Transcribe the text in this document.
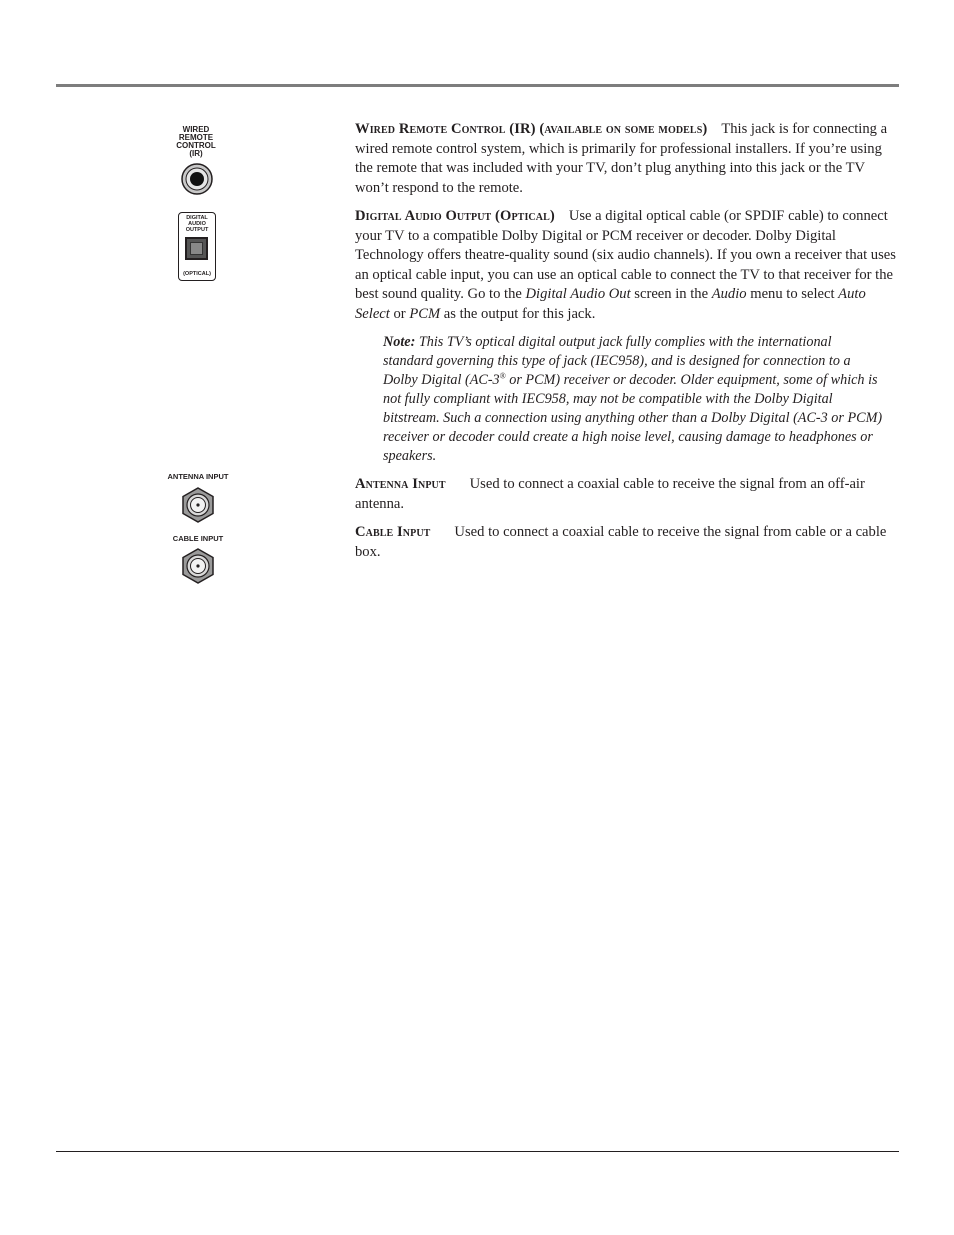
WIRED
REMOTE
CONTROL
(IR)
DIGITAL
AUDIO
OUTPUT
(OPTICAL)
ANTENNA INPUT
CABLE INPUT

Wired Remote Control (IR) (available on some models) This jack is for connecting a wired remote control system, which is primarily for professional installers. If you’re using the remote that was included with your TV, don’t plug anything into this jack or the TV won’t respond to the remote.

Digital Audio Output (Optical) Use a digital optical cable (or SPDIF cable) to connect your TV to a compatible Dolby Digital or PCM receiver or decoder. Dolby Digital Technology offers theatre-quality sound (six audio channels). If you own a receiver that uses an optical cable input, you can use an optical cable to connect the TV to that receiver for the best sound quality. Go to the Digital Audio Out screen in the Audio menu to select Auto Select or PCM as the output for this jack.

Note: This TV’s optical digital output jack fully complies with the international standard governing this type of jack (IEC958), and is designed for connection to a Dolby Digital (AC-3® or PCM) receiver or decoder. Older equipment, some of which is not fully compliant with IEC958, may not be compatible with the Dolby Digital bitstream. Such a connection using anything other than a Dolby Digital (AC-3 or PCM) receiver or decoder could create a high noise level, causing damage to headphones or speakers.

Antenna Input Used to connect a coaxial cable to receive the signal from an off-air antenna.

Cable Input Used to connect a coaxial cable to receive the signal from cable or a cable box.
